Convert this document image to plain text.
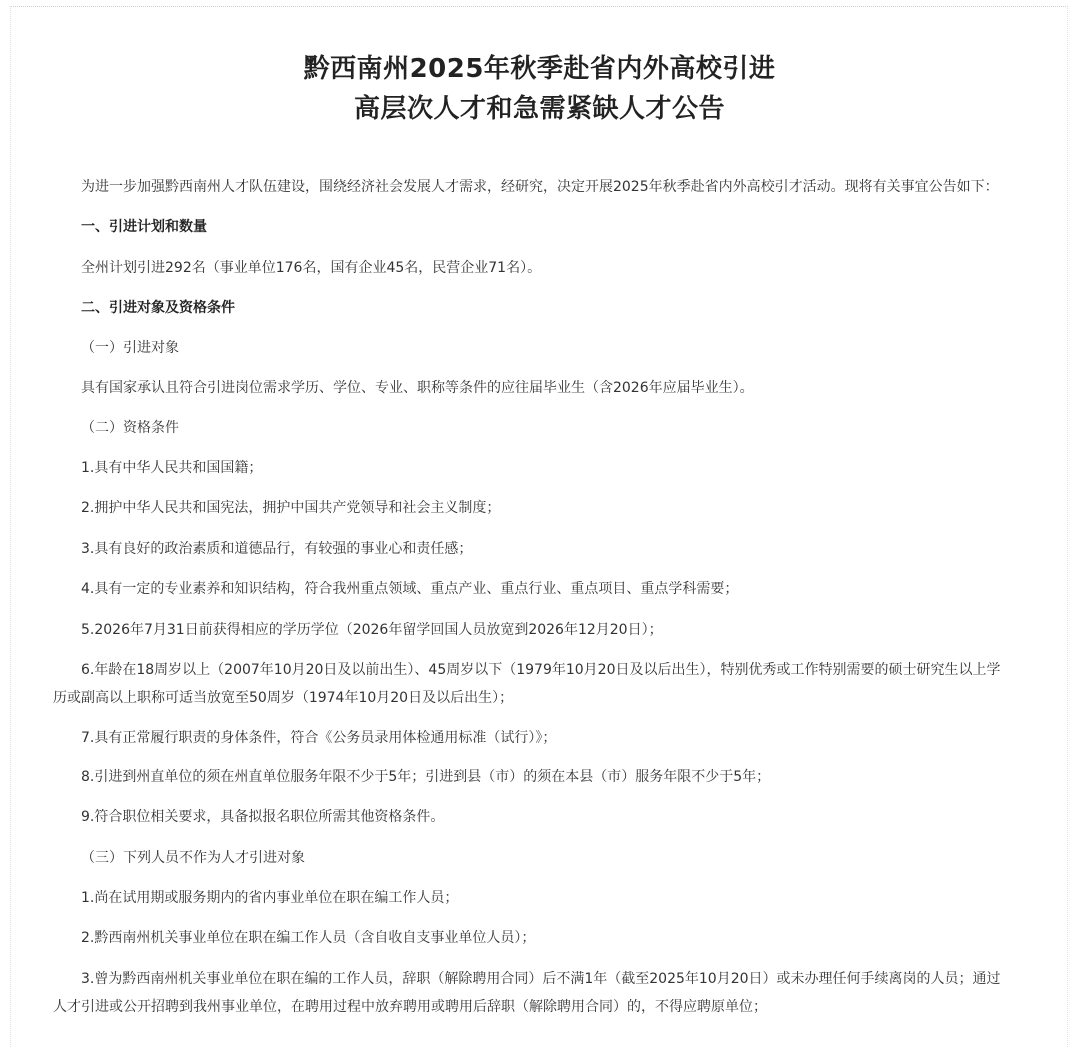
黔西南州2025年秋季赴省内外高校引进
高层次人才和急需紧缺人才公告

为进一步加强黔西南州人才队伍建设，围绕经济社会发展人才需求，经研究，决定开展2025年秋季赴省内外高校引才活动。现将有关事宜公告如下：

一、引进计划和数量

全州计划引进292名（事业单位176名，国有企业45名，民营企业71名）。

二、引进对象及资格条件

（一）引进对象

具有国家承认且符合引进岗位需求学历、学位、专业、职称等条件的应往届毕业生（含2026年应届毕业生）。

（二）资格条件

1.具有中华人民共和国国籍；

2.拥护中华人民共和国宪法，拥护中国共产党领导和社会主义制度；

3.具有良好的政治素质和道德品行，有较强的事业心和责任感；

4.具有一定的专业素养和知识结构，符合我州重点领域、重点产业、重点行业、重点项目、重点学科需要；

5.2026年7月31日前获得相应的学历学位（2026年留学回国人员放宽到2026年12月20日）；

6.年龄在18周岁以上（2007年10月20日及以前出生）、45周岁以下（1979年10月20日及以后出生），特别优秀或工作特别需要的硕士研究生以上学历或副高以上职称可适当放宽至50周岁（1974年10月20日及以后出生）；

7.具有正常履行职责的身体条件，符合《公务员录用体检通用标准（试行）》；

8.引进到州直单位的须在州直单位服务年限不少于5年；引进到县（市）的须在本县（市）服务年限不少于5年；

9.符合职位相关要求，具备拟报名职位所需其他资格条件。

（三）下列人员不作为人才引进对象

1.尚在试用期或服务期内的省内事业单位在职在编工作人员；

2.黔西南州机关事业单位在职在编工作人员（含自收自支事业单位人员）；

3.曾为黔西南州机关事业单位在职在编的工作人员，辞职（解除聘用合同）后不满1年（截至2025年10月20日）或未办理任何手续离岗的人员；通过人才引进或公开招聘到我州事业单位，在聘用过程中放弃聘用或聘用后辞职（解除聘用合同）的，不得应聘原单位；
